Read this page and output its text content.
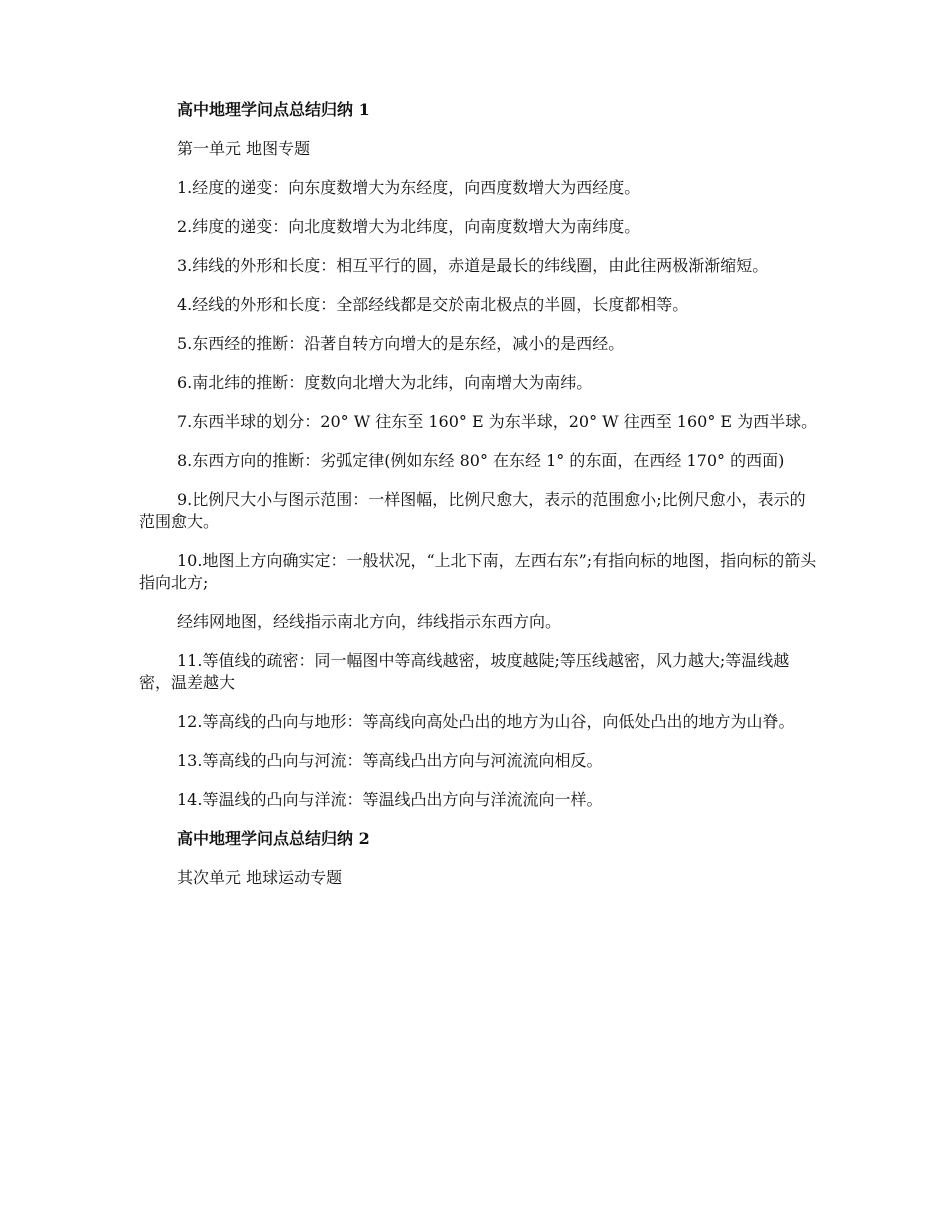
高中地理学问点总结归纳 1

第一单元 地图专题

1.经度的递变：向东度数增大为东经度，向西度数增大为西经度。

2.纬度的递变：向北度数增大为北纬度，向南度数增大为南纬度。

3.纬线的外形和长度：相互平行的圆，赤道是最长的纬线圈，由此往两极渐渐缩短。

4.经线的外形和长度：全部经线都是交於南北极点的半圆，长度都相等。

5.东西经的推断：沿著自转方向增大的是东经，减小的是西经。

6.南北纬的推断：度数向北增大为北纬，向南增大为南纬。

7.东西半球的划分：20° W 往东至 160° E 为东半球，20° W 往西至 160° E 为西半球。

8.东西方向的推断：劣弧定律(例如东经 80° 在东经 1° 的东面，在西经 170° 的西面)

9.比例尺大小与图示范围：一样图幅，比例尺愈大，表示的范围愈小;比例尺愈小，表示的范围愈大。

10.地图上方向确实定：一般状况，“上北下南，左西右东”;有指向标的地图，指向标的箭头指向北方;

经纬网地图，经线指示南北方向，纬线指示东西方向。

11.等值线的疏密：同一幅图中等高线越密，坡度越陡;等压线越密，风力越大;等温线越密，温差越大

12.等高线的凸向与地形：等高线向高处凸出的地方为山谷，向低处凸出的地方为山脊。

13.等高线的凸向与河流：等高线凸出方向与河流流向相反。

14.等温线的凸向与洋流：等温线凸出方向与洋流流向一样。

高中地理学问点总结归纳 2

其次单元 地球运动专题
